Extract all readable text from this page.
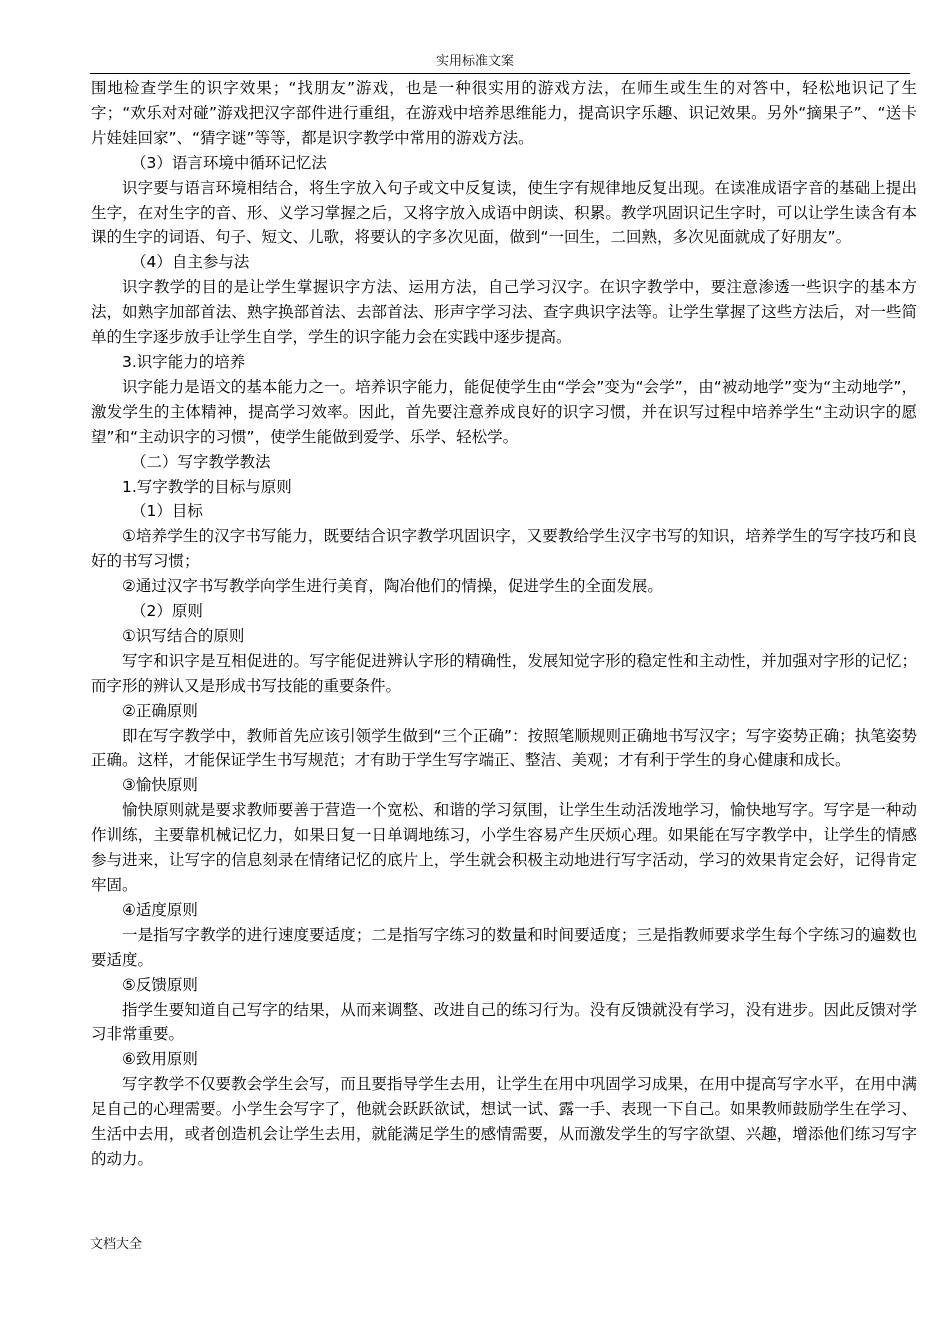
实用标准文案

围地检查学生的识字效果；“找朋友”游戏，也是一种很实用的游戏方法，在师生或生生的对答中，轻松地识记了生字；“欢乐对对碰”游戏把汉字部件进行重组，在游戏中培养思维能力，提高识字乐趣、识记效果。另外“摘果子”、“送卡片娃娃回家”、“猜字谜”等等，都是识字教学中常用的游戏方法。

（3）语言环境中循环记忆法

识字要与语言环境相结合，将生字放入句子或文中反复读，使生字有规律地反复出现。在读准成语字音的基础上提出生字，在对生字的音、形、义学习掌握之后，又将字放入成语中朗读、积累。教学巩固识记生字时，可以让学生读含有本课的生字的词语、句子、短文、儿歌，将要认的字多次见面，做到“一回生，二回熟，多次见面就成了好朋友”。

（4）自主参与法

识字教学的目的是让学生掌握识字方法、运用方法，自己学习汉字。在识字教学中，要注意渗透一些识字的基本方法，如熟字加部首法、熟字换部首法、去部首法、形声字学习法、查字典识字法等。让学生掌握了这些方法后，对一些简单的生字逐步放手让学生自学，学生的识字能力会在实践中逐步提高。

3.识字能力的培养

识字能力是语文的基本能力之一。培养识字能力，能促使学生由“学会”变为“会学”，由“被动地学”变为“主动地学”，激发学生的主体精神，提高学习效率。因此，首先要注意养成良好的识字习惯，并在识写过程中培养学生“主动识字的愿望”和“主动识字的习惯”，使学生能做到爱学、乐学、轻松学。

（二）写字教学教法

1.写字教学的目标与原则

（1）目标

①培养学生的汉字书写能力，既要结合识字教学巩固识字，又要教给学生汉字书写的知识，培养学生的写字技巧和良好的书写习惯；

②通过汉字书写教学向学生进行美育，陶冶他们的情操，促进学生的全面发展。

（2）原则

①识写结合的原则

写字和识字是互相促进的。写字能促进辨认字形的精确性，发展知觉字形的稳定性和主动性，并加强对字形的记忆；而字形的辨认又是形成书写技能的重要条件。

②正确原则

即在写字教学中，教师首先应该引领学生做到“三个正确”：按照笔顺规则正确地书写汉字；写字姿势正确；执笔姿势正确。这样，才能保证学生书写规范；才有助于学生写字端正、整洁、美观；才有利于学生的身心健康和成长。

③愉快原则

愉快原则就是要求教师要善于营造一个宽松、和谐的学习氛围，让学生生动活泼地学习，愉快地写字。写字是一种动作训练，主要靠机械记忆力，如果日复一日单调地练习，小学生容易产生厌烦心理。如果能在写字教学中，让学生的情感参与进来，让写字的信息刻录在情绪记忆的底片上，学生就会积极主动地进行写字活动，学习的效果肯定会好，记得肯定牢固。

④适度原则

一是指写字教学的进行速度要适度；二是指写字练习的数量和时间要适度；三是指教师要求学生每个字练习的遍数也要适度。

⑤反馈原则

指学生要知道自己写字的结果，从而来调整、改进自己的练习行为。没有反馈就没有学习，没有进步。因此反馈对学习非常重要。

⑥致用原则

写字教学不仅要教会学生会写，而且要指导学生去用，让学生在用中巩固学习成果，在用中提高写字水平，在用中满足自己的心理需要。小学生会写字了，他就会跃跃欲试，想试一试、露一手、表现一下自己。如果教师鼓励学生在学习、生活中去用，或者创造机会让学生去用，就能满足学生的感情需要，从而激发学生的写字欲望、兴趣，增添他们练习写字的动力。

文档大全
